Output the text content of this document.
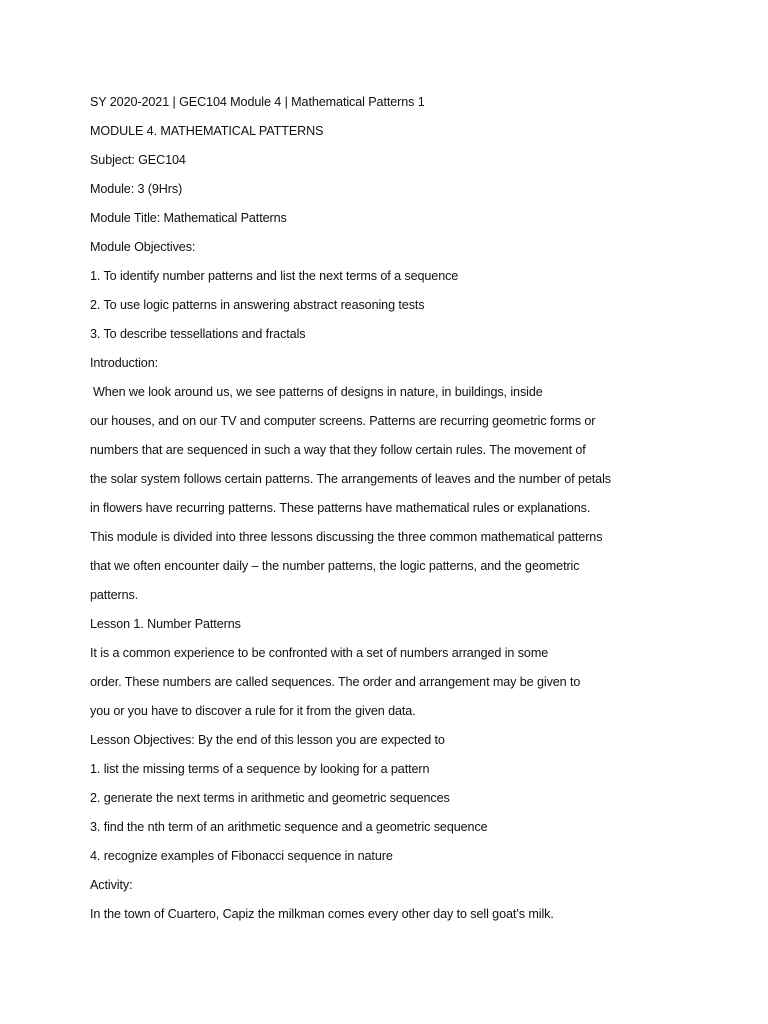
SY 2020-2021 | GEC104 Module 4 | Mathematical Patterns 1
MODULE 4. MATHEMATICAL PATTERNS
Subject: GEC104
Module: 3 (9Hrs)
Module Title: Mathematical Patterns
Module Objectives:
1. To identify number patterns and list the next terms of a sequence
2. To use logic patterns in answering abstract reasoning tests
3. To describe tessellations and fractals
Introduction:
When we look around us, we see patterns of designs in nature, in buildings, inside
our houses, and on our TV and computer screens. Patterns are recurring geometric forms or
numbers that are sequenced in such a way that they follow certain rules. The movement of
the solar system follows certain patterns. The arrangements of leaves and the number of petals
in flowers have recurring patterns. These patterns have mathematical rules or explanations.
This module is divided into three lessons discussing the three common mathematical patterns
that we often encounter daily – the number patterns, the logic patterns, and the geometric
patterns.
Lesson 1. Number Patterns
It is a common experience to be confronted with a set of numbers arranged in some
order. These numbers are called sequences. The order and arrangement may be given to
you or you have to discover a rule for it from the given data.
Lesson Objectives: By the end of this lesson you are expected to
1. list the missing terms of a sequence by looking for a pattern
2. generate the next terms in arithmetic and geometric sequences
3. find the nth term of an arithmetic sequence and a geometric sequence
4. recognize examples of Fibonacci sequence in nature
Activity:
In the town of Cuartero, Capiz the milkman comes every other day to sell goat’s milk.
